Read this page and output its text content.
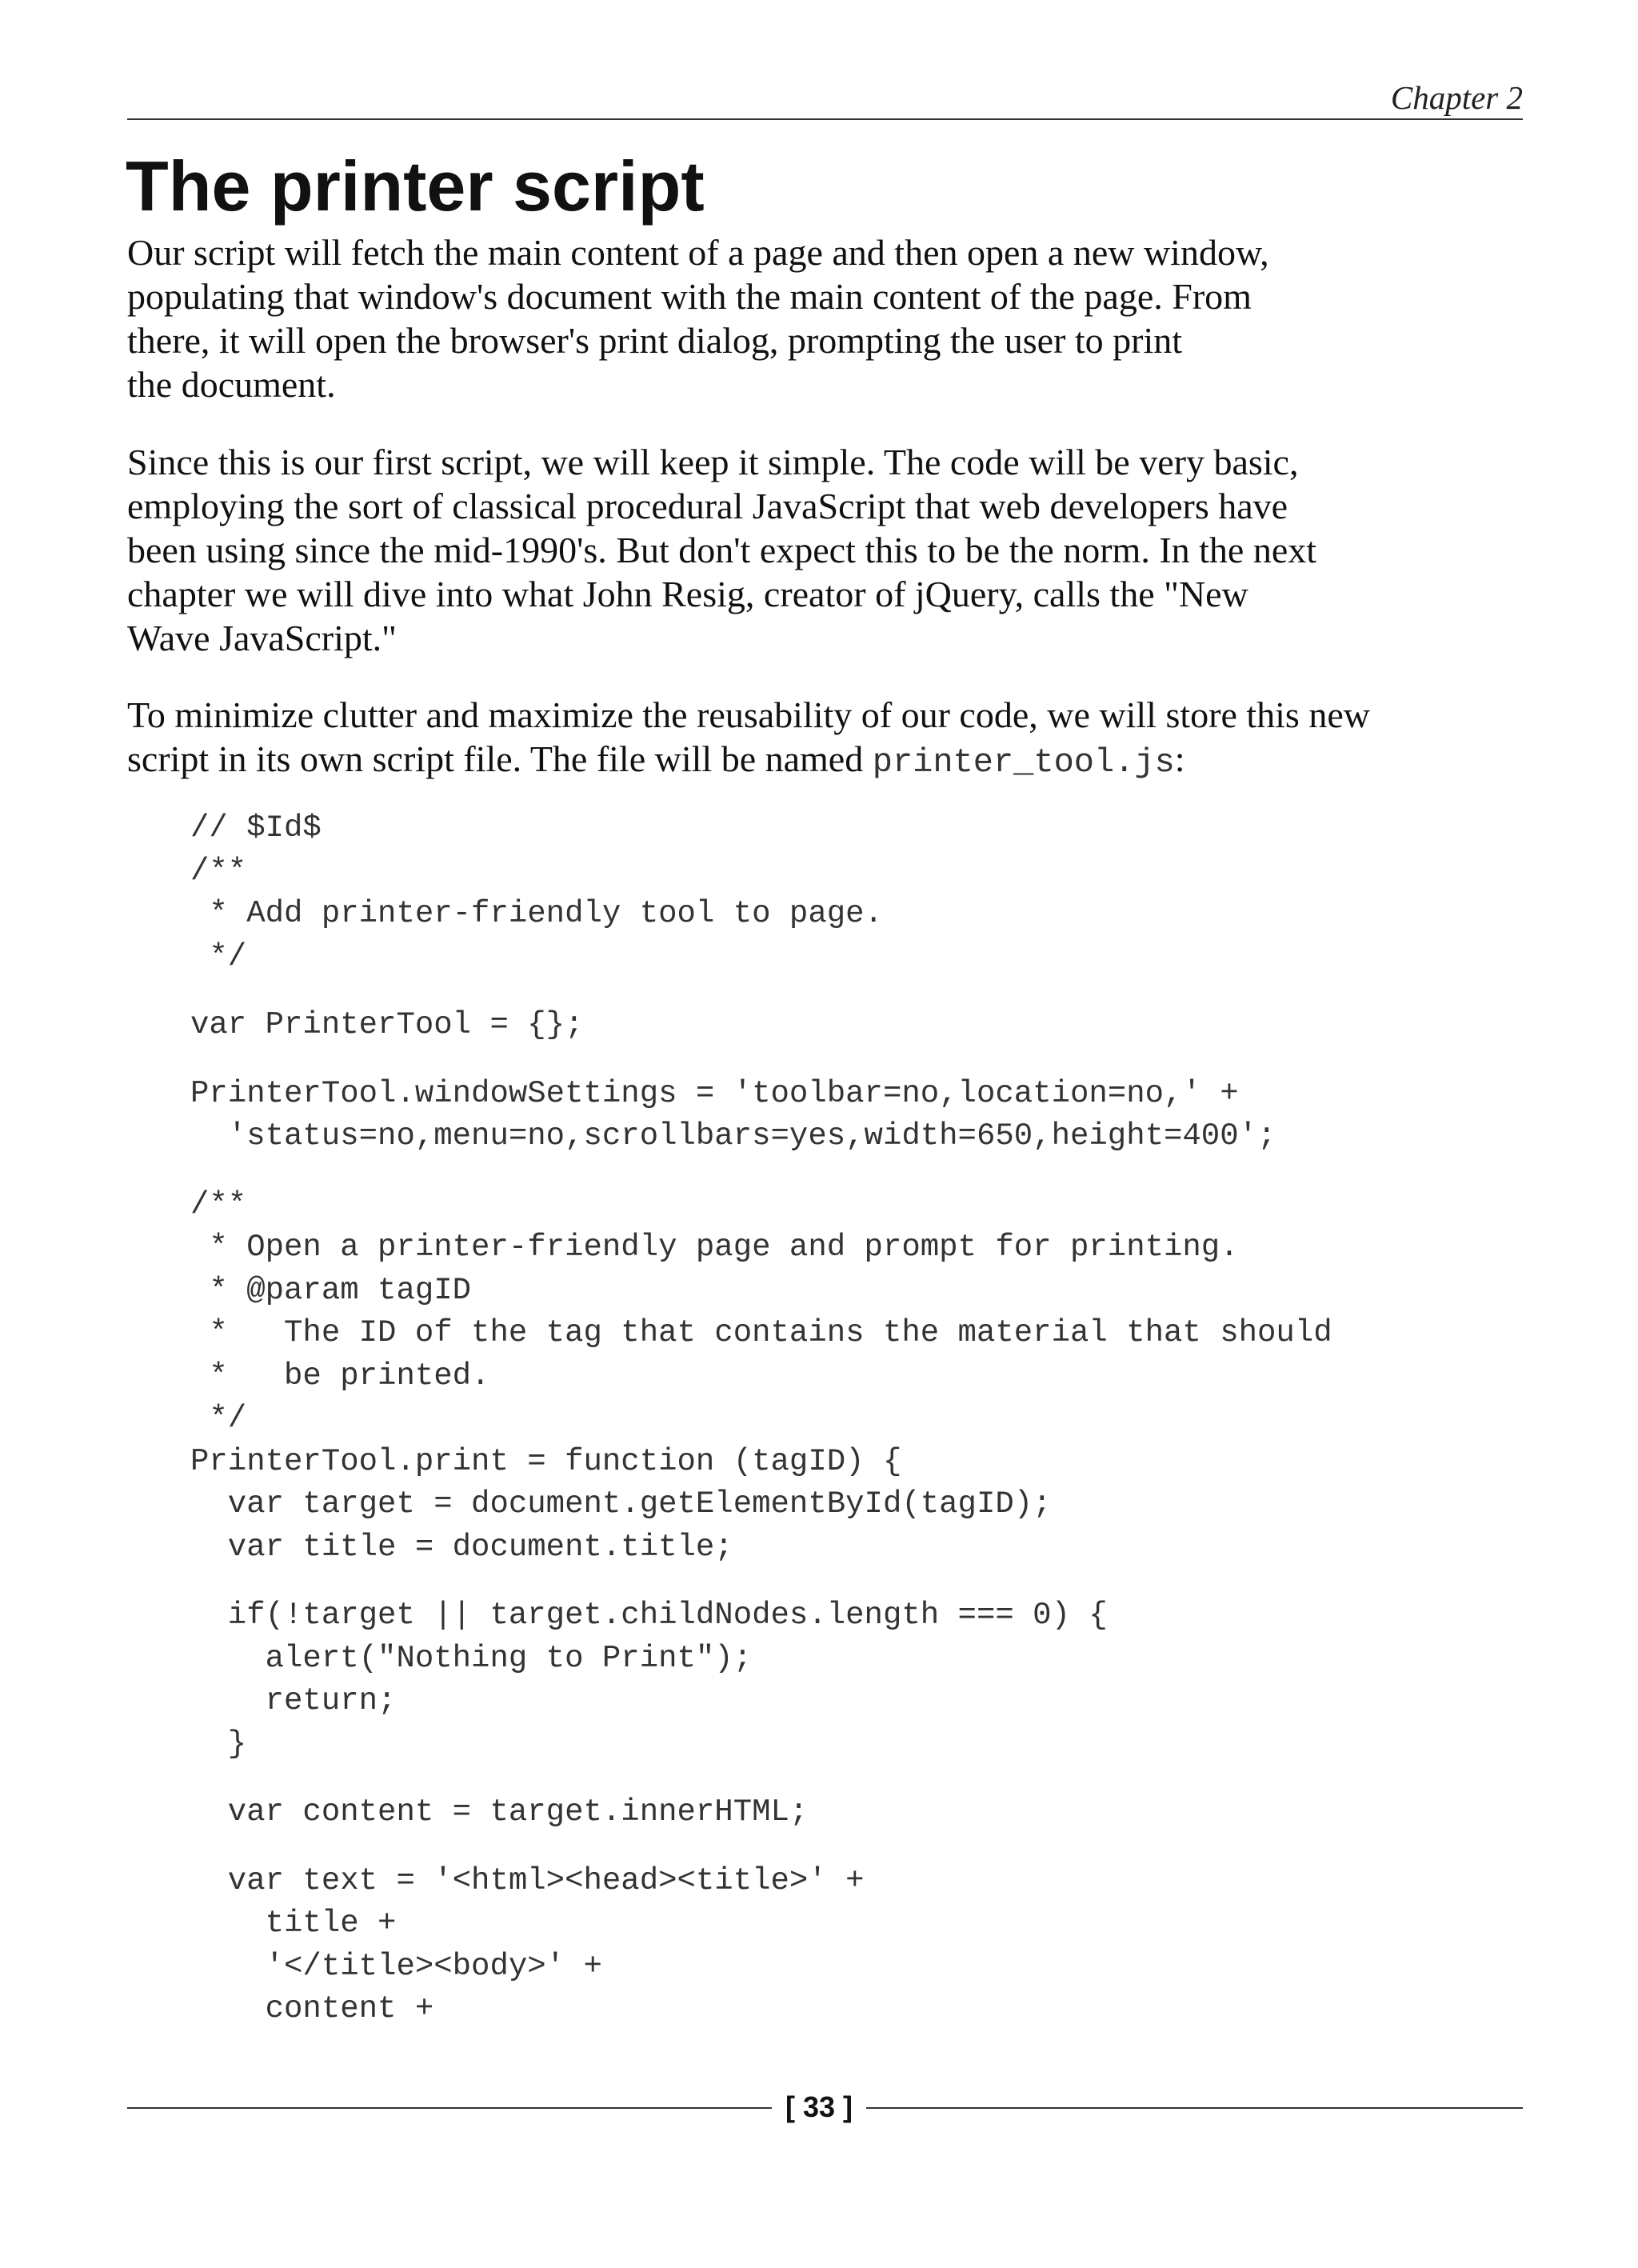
Chapter 2
The printer script
Our script will fetch the main content of a page and then open a new window,
populating that window's document with the main content of the page. From
there, it will open the browser's print dialog, prompting the user to print
the document.
Since this is our first script, we will keep it simple. The code will be very basic,
employing the sort of classical procedural JavaScript that web developers have
been using since the mid-1990's. But don't expect this to be the norm. In the next
chapter we will dive into what John Resig, creator of jQuery, calls the "New
Wave JavaScript."
To minimize clutter and maximize the reusability of our code, we will store this new
script in its own script file. The file will be named printer_tool.js:
// $Id$
/**
* Add printer-friendly tool to page.
*/
var PrinterTool = {};
PrinterTool.windowSettings = 'toolbar=no,location=no,' +
'status=no,menu=no,scrollbars=yes,width=650,height=400';
/**
* Open a printer-friendly page and prompt for printing.
* @param tagID
*   The ID of the tag that contains the material that should
*   be printed.
*/
PrinterTool.print = function (tagID) {
var target = document.getElementById(tagID);
var title = document.title;
if(!target || target.childNodes.length === 0) {
alert("Nothing to Print");
return;
}
var content = target.innerHTML;
var text = '<html><head><title>' +
title +
'</title><body>' +
content +
[ 33 ]
